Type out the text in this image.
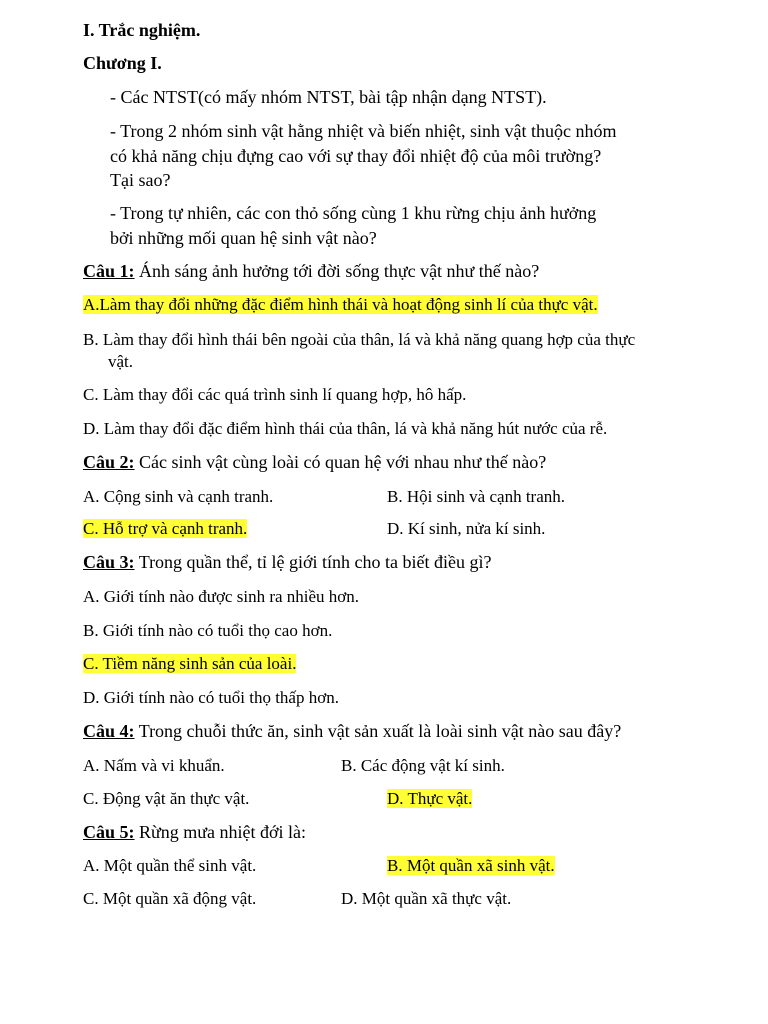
I. Trắc nghiệm.
Chương I.
- Các NTST(có mấy nhóm NTST, bài tập nhận dạng NTST).
- Trong 2 nhóm sinh vật hằng nhiệt và biến nhiệt, sinh vật thuộc nhóm
có khả năng chịu đựng cao với sự thay đổi nhiệt độ của môi trường?
Tại sao?
- Trong tự nhiên, các con thỏ sống cùng 1 khu rừng chịu ảnh hưởng
bởi những mối quan hệ sinh vật nào?
Câu 1: Ánh sáng ảnh hưởng tới đời sống thực vật như thế nào?
A.Làm thay đổi những đặc điểm hình thái và hoạt động sinh lí của thực vật.
B. Làm thay đổi hình thái bên ngoài của thân, lá và khả năng quang hợp của thực
vật.
C. Làm thay đổi các quá trình sinh lí quang hợp, hô hấp.
D. Làm thay đổi đặc điểm hình thái của thân, lá và khả năng hút nước của rễ.
Câu 2: Các sinh vật cùng loài có quan hệ với nhau như thế nào?
A. Cộng sinh và cạnh tranh.	B. Hội sinh và cạnh tranh.
C. Hỗ trợ và cạnh tranh.	D. Kí sinh, nửa kí sinh.
Câu 3: Trong quần thể, tỉ lệ giới tính cho ta biết điều gì?
A. Giới tính nào được sinh ra nhiều hơn.
B. Giới tính nào có tuổi thọ cao hơn.
C. Tiềm năng sinh sản của loài.
D. Giới tính nào có tuổi thọ thấp hơn.
Câu 4: Trong chuỗi thức ăn, sinh vật sản xuất là loài sinh vật nào sau đây?
A. Nấm và vi khuẩn.	B. Các động vật kí sinh.
C. Động vật ăn thực vật.	D. Thực vật.
Câu 5: Rừng mưa nhiệt đới là:
A. Một quần thể sinh vật.	B. Một quần xã sinh vật.
C. Một quần xã động vật.	D. Một quần xã thực vật.
